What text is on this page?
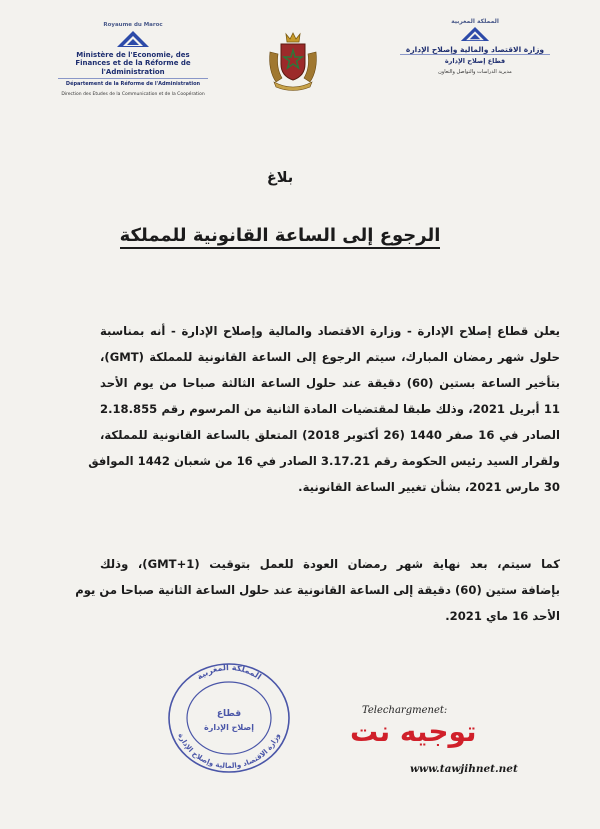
Royaume du Maroc
Ministère de l'Economie, des Finances et de la Réforme de l'Administration
Département de la Réforme de l'Administration
Direction des Etudes de la Communication et de la Coopération
المملكة المغربية
وزارة الاقتصاد والمالية وإصلاح الإدارة
قطاع إصلاح الإدارة
مديرية الدراسات والتواصل والتعاون
بلاغ
الرجوع إلى الساعة القانونية للمملكة
يعلن قطاع إصلاح الإدارة - وزارة الاقتصاد والمالية وإصلاح الإدارة - أنه بمناسبة
حلول شهر رمضان المبارك، سيتم الرجوع إلى الساعة القانونية للمملكة (GMT)،
بتأخير الساعة بستين (60) دقيقة عند حلول الساعة الثالثة صباحا من يوم الأحد
11 أبريل 2021، وذلك طبقا لمقتضيات المادة الثانية من المرسوم رقم 2.18.855
الصادر في 16 صفر 1440 (26 أكتوبر 2018) المتعلق بالساعة القانونية للمملكة،
ولقرار السيد رئيس الحكومة رقم 3.17.21 الصادر في 16 من شعبان 1442 الموافق
30 مارس 2021، بشأن تغيير الساعة القانونية.
كما سيتم، بعد نهاية شهر رمضان العودة للعمل بتوقيت (GMT+1)، وذلك
بإضافة ستين (60) دقيقة إلى الساعة القانونية عند حلول الساعة الثانية صباحا من يوم
الأحد 16 ماي 2021.
المملكة المغربية
وزارة الاقتصاد والمالية وإصلاح الإدارة
قطاع
إصلاح الإدارة
Telechargmenet:
توجيه نت
www.tawjihnet.net
